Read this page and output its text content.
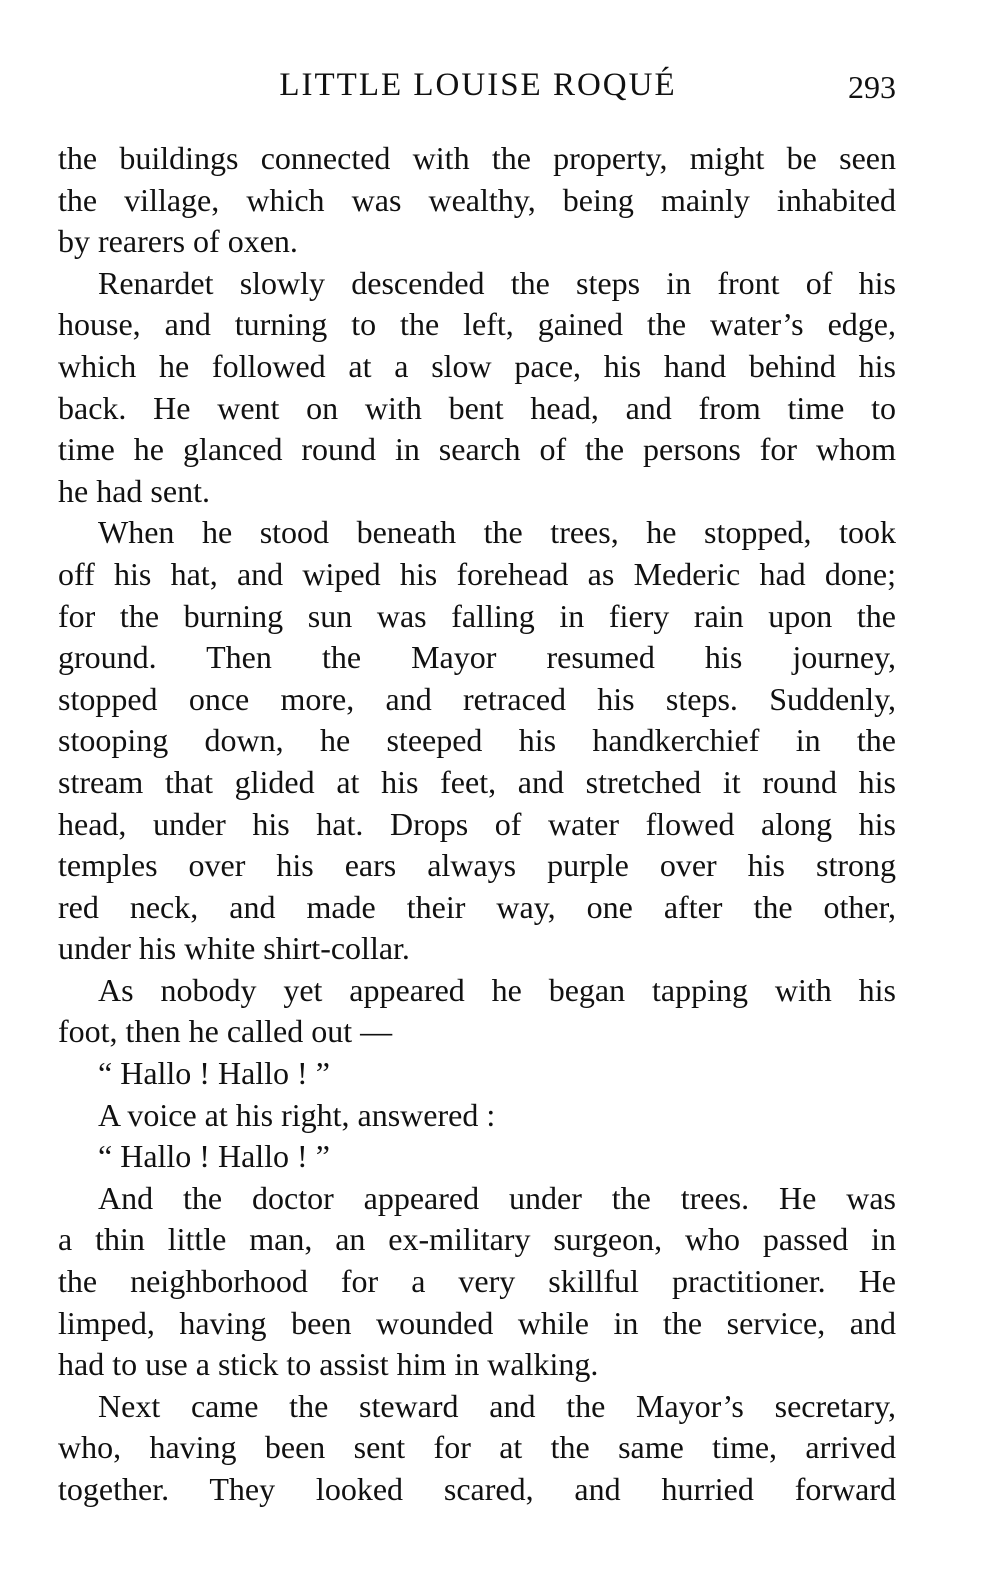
LITTLE LOUISE ROQUÉ	293
the buildings connected with the property, might be seen
the village, which was wealthy, being mainly inhabited
by rearers of oxen.
Renardet slowly descended the steps in front of his
house, and turning to the left, gained the water’s edge,
which he followed at a slow pace, his hand behind his
back. He went on with bent head, and from time to
time he glanced round in search of the persons for whom
he had sent.
When he stood beneath the trees, he stopped, took
off his hat, and wiped his forehead as Mederic had done;
for the burning sun was falling in fiery rain upon the
ground. Then the Mayor resumed his journey,
stopped once more, and retraced his steps. Suddenly,
stooping down, he steeped his handkerchief in the
stream that glided at his feet, and stretched it round his
head, under his hat. Drops of water flowed along his
temples over his ears always purple over his strong
red neck, and made their way, one after the other,
under his white shirt-collar.
As nobody yet appeared he began tapping with his
foot, then he called out —
“ Hallo ! Hallo ! ”
A voice at his right, answered :
“ Hallo ! Hallo ! ”
And the doctor appeared under the trees. He was
a thin little man, an ex-military surgeon, who passed in
the neighborhood for a very skillful practitioner. He
limped, having been wounded while in the service, and
had to use a stick to assist him in walking.
Next came the steward and the Mayor’s secretary,
who, having been sent for at the same time, arrived
together. They looked scared, and hurried forward
